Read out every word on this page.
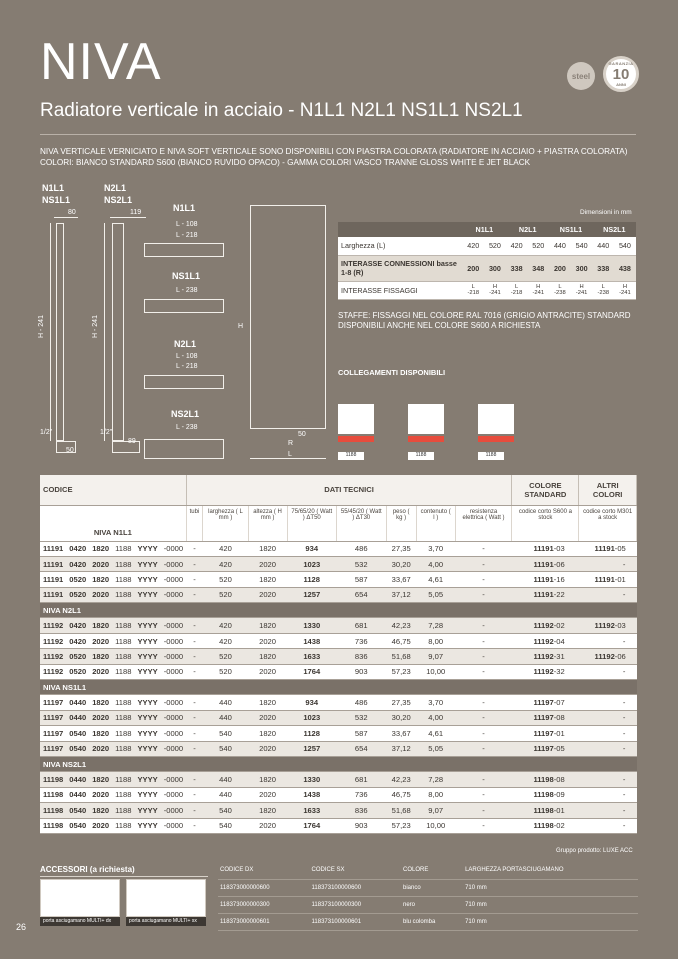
NIVA
Radiatore verticale in acciaio - N1L1 N2L1 NS1L1 NS2L1
steel
GARANZIA
10
ANNI
NIVA VERTICALE VERNICIATO E NIVA SOFT VERTICALE SONO DISPONIBILI CON PIASTRA COLORATA (RADIATORE IN ACCIAIO + PIASTRA COLORATA)
COLORI: BIANCO STANDARD S600 (BIANCO RUVIDO OPACO) - GAMMA COLORI VASCO TRANNE GLOSS WHITE E JET BLACK
N1L1
NS1L1
N2L1
NS2L1
80
H - 241
1/2"
50
119
H - 241
1/2"
89
N1L1
L - 108
L - 218
NS1L1
L - 238
N2L1
L - 108
L - 218
NS2L1
L - 238
H
50
R
L
Dimensioni in mm
	N1L1		N2L1		NS1L1		NS2L1	
Larghezza (L)	420	520	420	520	440	540	440	540
INTERASSE CONNESSIONI basse 1-8 (R)	200	300	338	348	200	300	338	438
INTERASSE FISSAGGI	L -218	H -241	L -218	H -241	L -238	H -241	L -238	H -241
STAFFE: FISSAGGI NEL COLORE RAL 7016 (GRIGIO ANTRACITE) STANDARD
DISPONIBILI ANCHE NEL COLORE S600 A RICHIESTA
COLLEGAMENTI DISPONIBILI
1188	1188	1188
CODICE						DATI TECNICI								COLORE STANDARD		ALTRI COLORI	
NIVA N1L1						tubi	larghezza ( L mm )	altezza ( H mm )	75/65/20 ( Watt ) ΔT50	55/45/20 ( Watt ) ΔT30	peso ( kg )	contenuto ( l )	resistenza elettrica ( Watt )	codice corto S600 a stock		codice corto M301 a stock	
11191	0420	1820	1188	YYYY	-0000	-	420	1820	934	486	27,35	3,70	-	11191	-03	11191	-05
11191	0420	2020	1188	YYYY	-0000	-	420	2020	1023	532	30,20	4,00	-	11191	-06		-
11191	0520	1820	1188	YYYY	-0000	-	520	1820	1128	587	33,67	4,61	-	11191	-16	11191	-01
11191	0520	2020	1188	YYYY	-0000	-	520	2020	1257	654	37,12	5,05	-	11191	-22		-
NIVA N2L1																	
11192	0420	1820	1188	YYYY	-0000	-	420	1820	1330	681	42,23	7,28	-	11192	-02	11192	-03
11192	0420	2020	1188	YYYY	-0000	-	420	2020	1438	736	46,75	8,00	-	11192	-04		-
11192	0520	1820	1188	YYYY	-0000	-	520	1820	1633	836	51,68	9,07	-	11192	-31	11192	-06
11192	0520	2020	1188	YYYY	-0000	-	520	2020	1764	903	57,23	10,00	-	11192	-32		-
NIVA NS1L1																	
11197	0440	1820	1188	YYYY	-0000	-	440	1820	934	486	27,35	3,70	-	11197	-07		-
11197	0440	2020	1188	YYYY	-0000	-	440	2020	1023	532	30,20	4,00	-	11197	-08		-
11197	0540	1820	1188	YYYY	-0000	-	540	1820	1128	587	33,67	4,61	-	11197	-01		-
11197	0540	2020	1188	YYYY	-0000	-	540	2020	1257	654	37,12	5,05	-	11197	-05		-
NIVA NS2L1																	
11198	0440	1820	1188	YYYY	-0000	-	440	1820	1330	681	42,23	7,28	-	11198	-08		-
11198	0440	2020	1188	YYYY	-0000	-	440	2020	1438	736	46,75	8,00	-	11198	-09		-
11198	0540	1820	1188	YYYY	-0000	-	540	1820	1633	836	51,68	9,07	-	11198	-01		-
11198	0540	2020	1188	YYYY	-0000	-	540	2020	1764	903	57,23	10,00	-	11198	-02		-
Gruppo prodotto: LUXE ACC
ACCESSORI (a richiesta)
porta asciugamano MULTI+ dx	porta asciugamano MULTI+ sx
CODICE DX	CODICE SX	COLORE	LARGHEZZA PORTASCIUGAMANO
118373000000600	118373100000600	bianco	710 mm
118373000000300	118373100000300	nero	710 mm
118373000000601	118373100000601	blu colomba	710 mm
26
